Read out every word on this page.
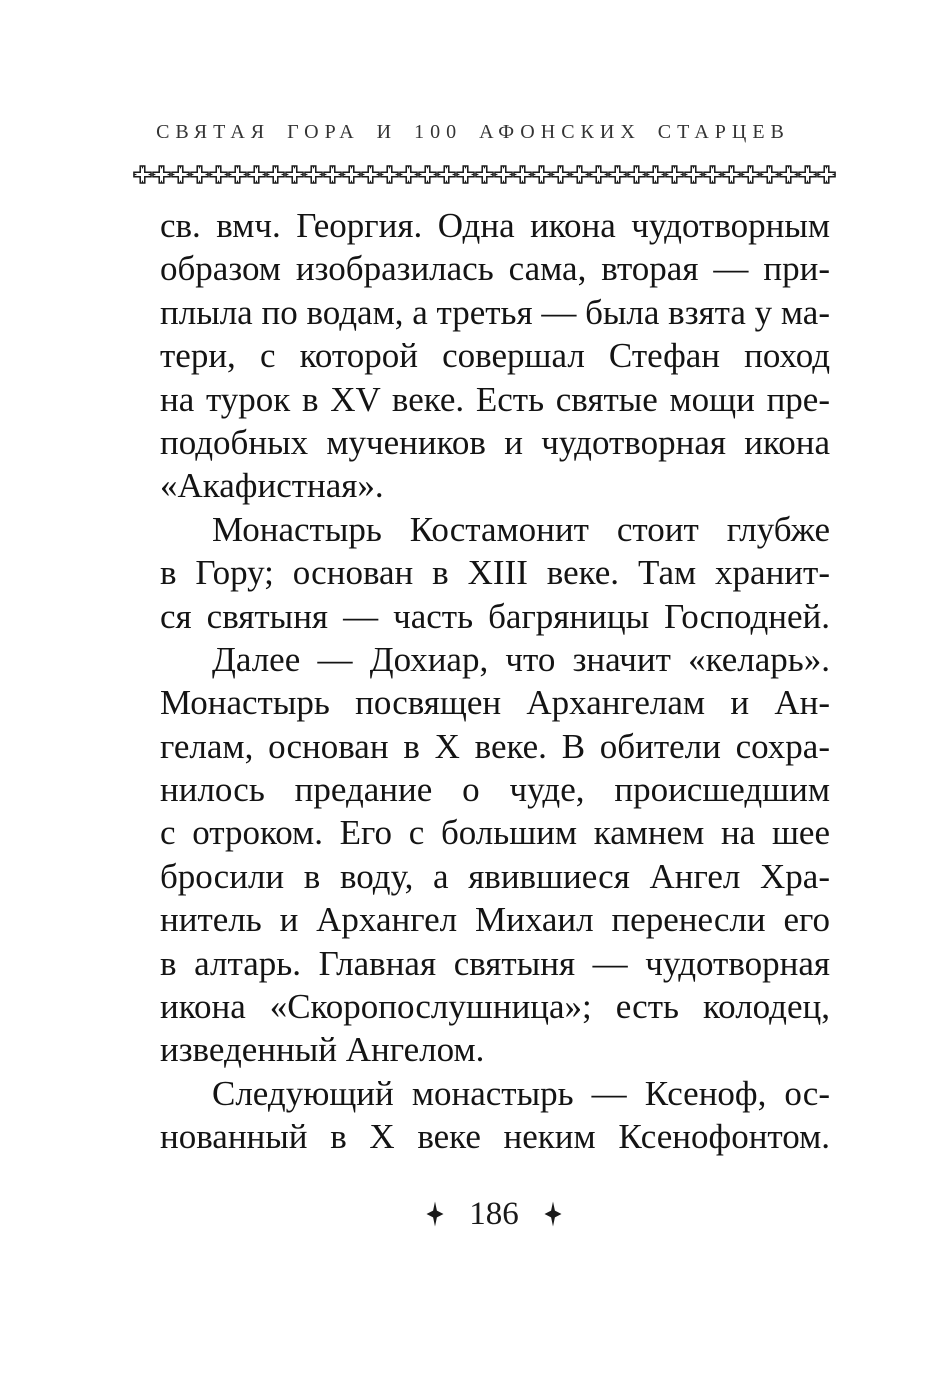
СВЯТАЯ ГОРА И 100 АФОНСКИХ СТАРЦЕВ
св. вмч. Георгия. Одна икона чудотворным
образом изобразилась сама, вторая — при-
плыла по водам, а третья — была взята у ма-
тери, с которой совершал Стефан поход
на турок в XV веке. Есть святые мощи пре-
подобных мучеников и чудотворная икона
«Акафистная».
Монастырь Костамонит стоит глубже
в Гору; основан в XIII веке. Там хранит-
ся святыня — часть багряницы Господней.
Далее — Дохиар, что значит «келарь».
Монастырь посвящен Архангелам и Ан-
гелам, основан в X веке. В обители сохра-
нилось предание о чуде, происшедшим
с отроком. Его с большим камнем на шее
бросили в воду, а явившиеся Ангел Хра-
нитель и Архангел Михаил перенесли его
в алтарь. Главная святыня — чудотворная
икона «Скоропослушница»; есть колодец,
изведенный Ангелом.
Следующий монастырь — Ксеноф, ос-
нованный в X веке неким Ксенофонтом.
186
